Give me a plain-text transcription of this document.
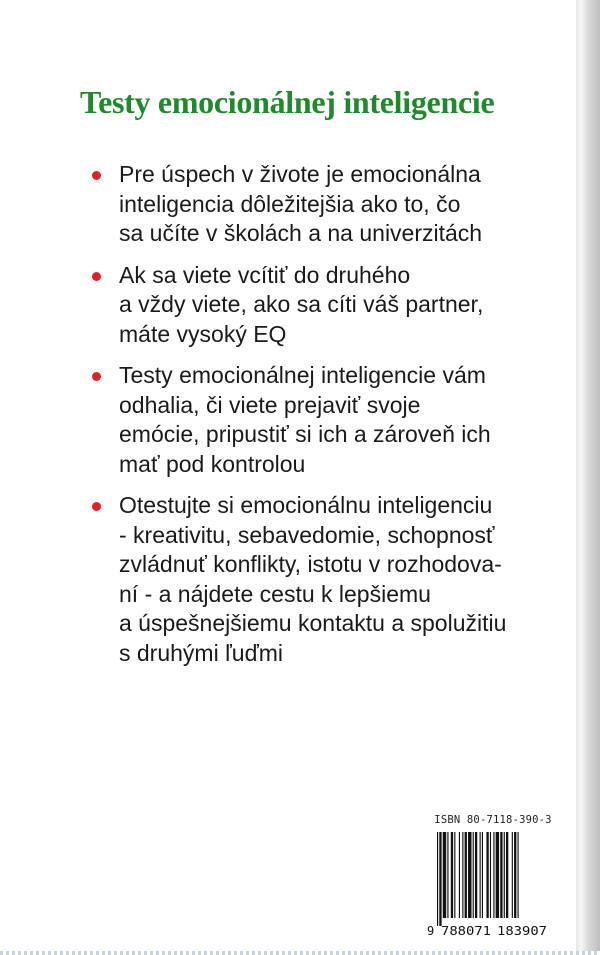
Testy emocionálnej inteligencie
Pre úspech v živote je emocionálna
inteligencia dôležitejšia ako to, čo
sa učíte v školách a na univerzitách
Ak sa viete vcítiť do druhého
a vždy viete, ako sa cíti váš partner,
máte vysoký EQ
Testy emocionálnej inteligencie vám
odhalia, či viete prejaviť svoje
emócie, pripustiť si ich a zároveň ich
mať pod kontrolou
Otestujte si emocionálnu inteligenciu
- kreativitu, sebavedomie, schopnosť
zvládnuť konflikty, istotu v rozhodova-
ní - a nájdete cestu k lepšiemu
a úspešnejšiemu kontaktu a spolužitiu
s druhými ľuďmi
ISBN 80-7118-390-3
9 788071 183907
